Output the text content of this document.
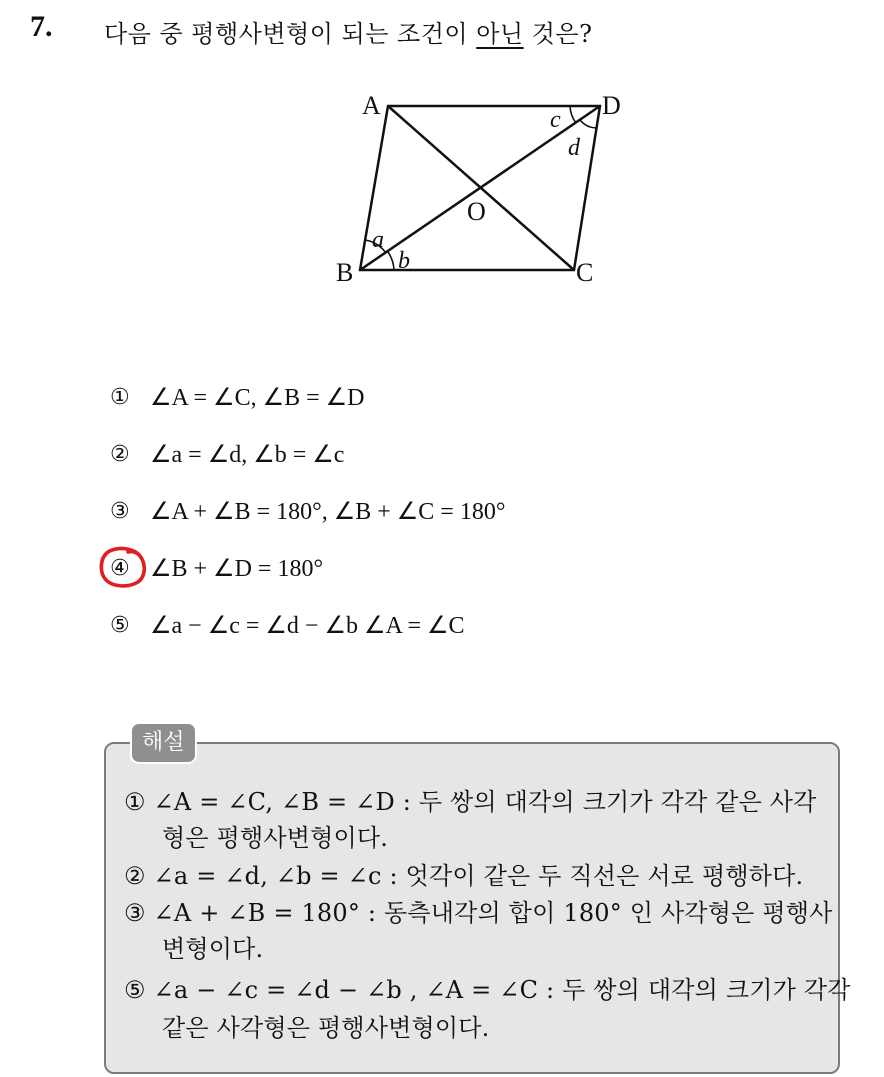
7. 다음 중 평행사변형이 되는 조건이 아닌 것은?
A	D
B	C
O
a
b
c
d
① ∠A = ∠C, ∠B = ∠D
② ∠a = ∠d, ∠b = ∠c
③ ∠A + ∠B = 180°, ∠B + ∠C = 180°
④ ∠B + ∠D = 180°
⑤ ∠a − ∠c = ∠d − ∠b ∠A = ∠C
해설
① ∠A = ∠C, ∠B = ∠D : 두 쌍의 대각의 크기가 각각 같은 사각
형은 평행사변형이다.
② ∠a = ∠d, ∠b = ∠c : 엇각이 같은 두 직선은 서로 평행하다.
③ ∠A + ∠B = 180° : 동측내각의 합이 180° 인 사각형은 평행사
변형이다.
⑤ ∠a − ∠c = ∠d − ∠b , ∠A = ∠C : 두 쌍의 대각의 크기가 각각
같은 사각형은 평행사변형이다.
